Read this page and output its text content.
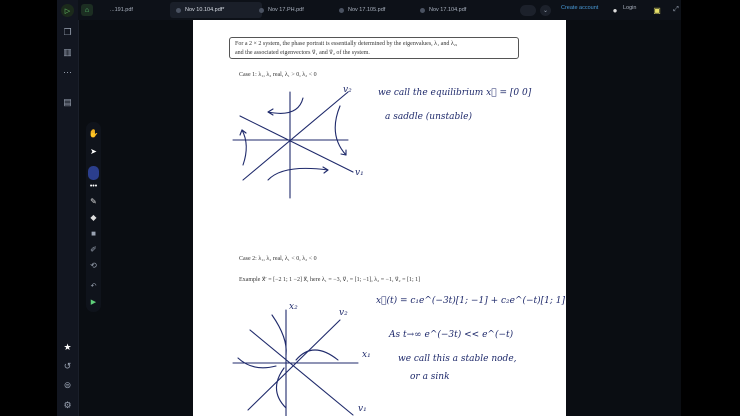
▷
❐
▥
⋯
▤
★
↺
⊜
⚙
⌂	...191.pdf	Nov 10.104.pdf*	Nov 17.PH.pdf	Nov 17.105.pdf	Nov 17.104.pdf	⌄	Create account	●	Login ▣	⤢
✋
➤
•••
✎
◆
■
✐
⟲
↶
▶
For a 2 × 2 system, the phase portrait is essentially determined by the eigenvalues, λ₁ and λ₂,
and the associated eigenvectors v⃗₁ and v⃗₂ of the system.
Case 1: λ₁, λ₂ real, λ₁ > 0, λ₂ < 0
v₂
v₁
we call the equilibrium x⃗ = [0 0]
a saddle (unstable)
Case 2: λ₁, λ₂ real, λ₁ < 0, λ₂ < 0
Example x⃗′ = [−2 1; 1 −2] x⃗, here λ₁ = −3, v⃗₁ = [1; −1], λ₂ = −1, v⃗₂ = [1; 1]
x₂
v₂
x₁
v₁
x⃗(t) = c₁e^(−3t)[1; −1] + c₂e^(−t)[1; 1]
As t→∞ e^(−3t) << e^(−t)
we call this a stable node,
or a sink
